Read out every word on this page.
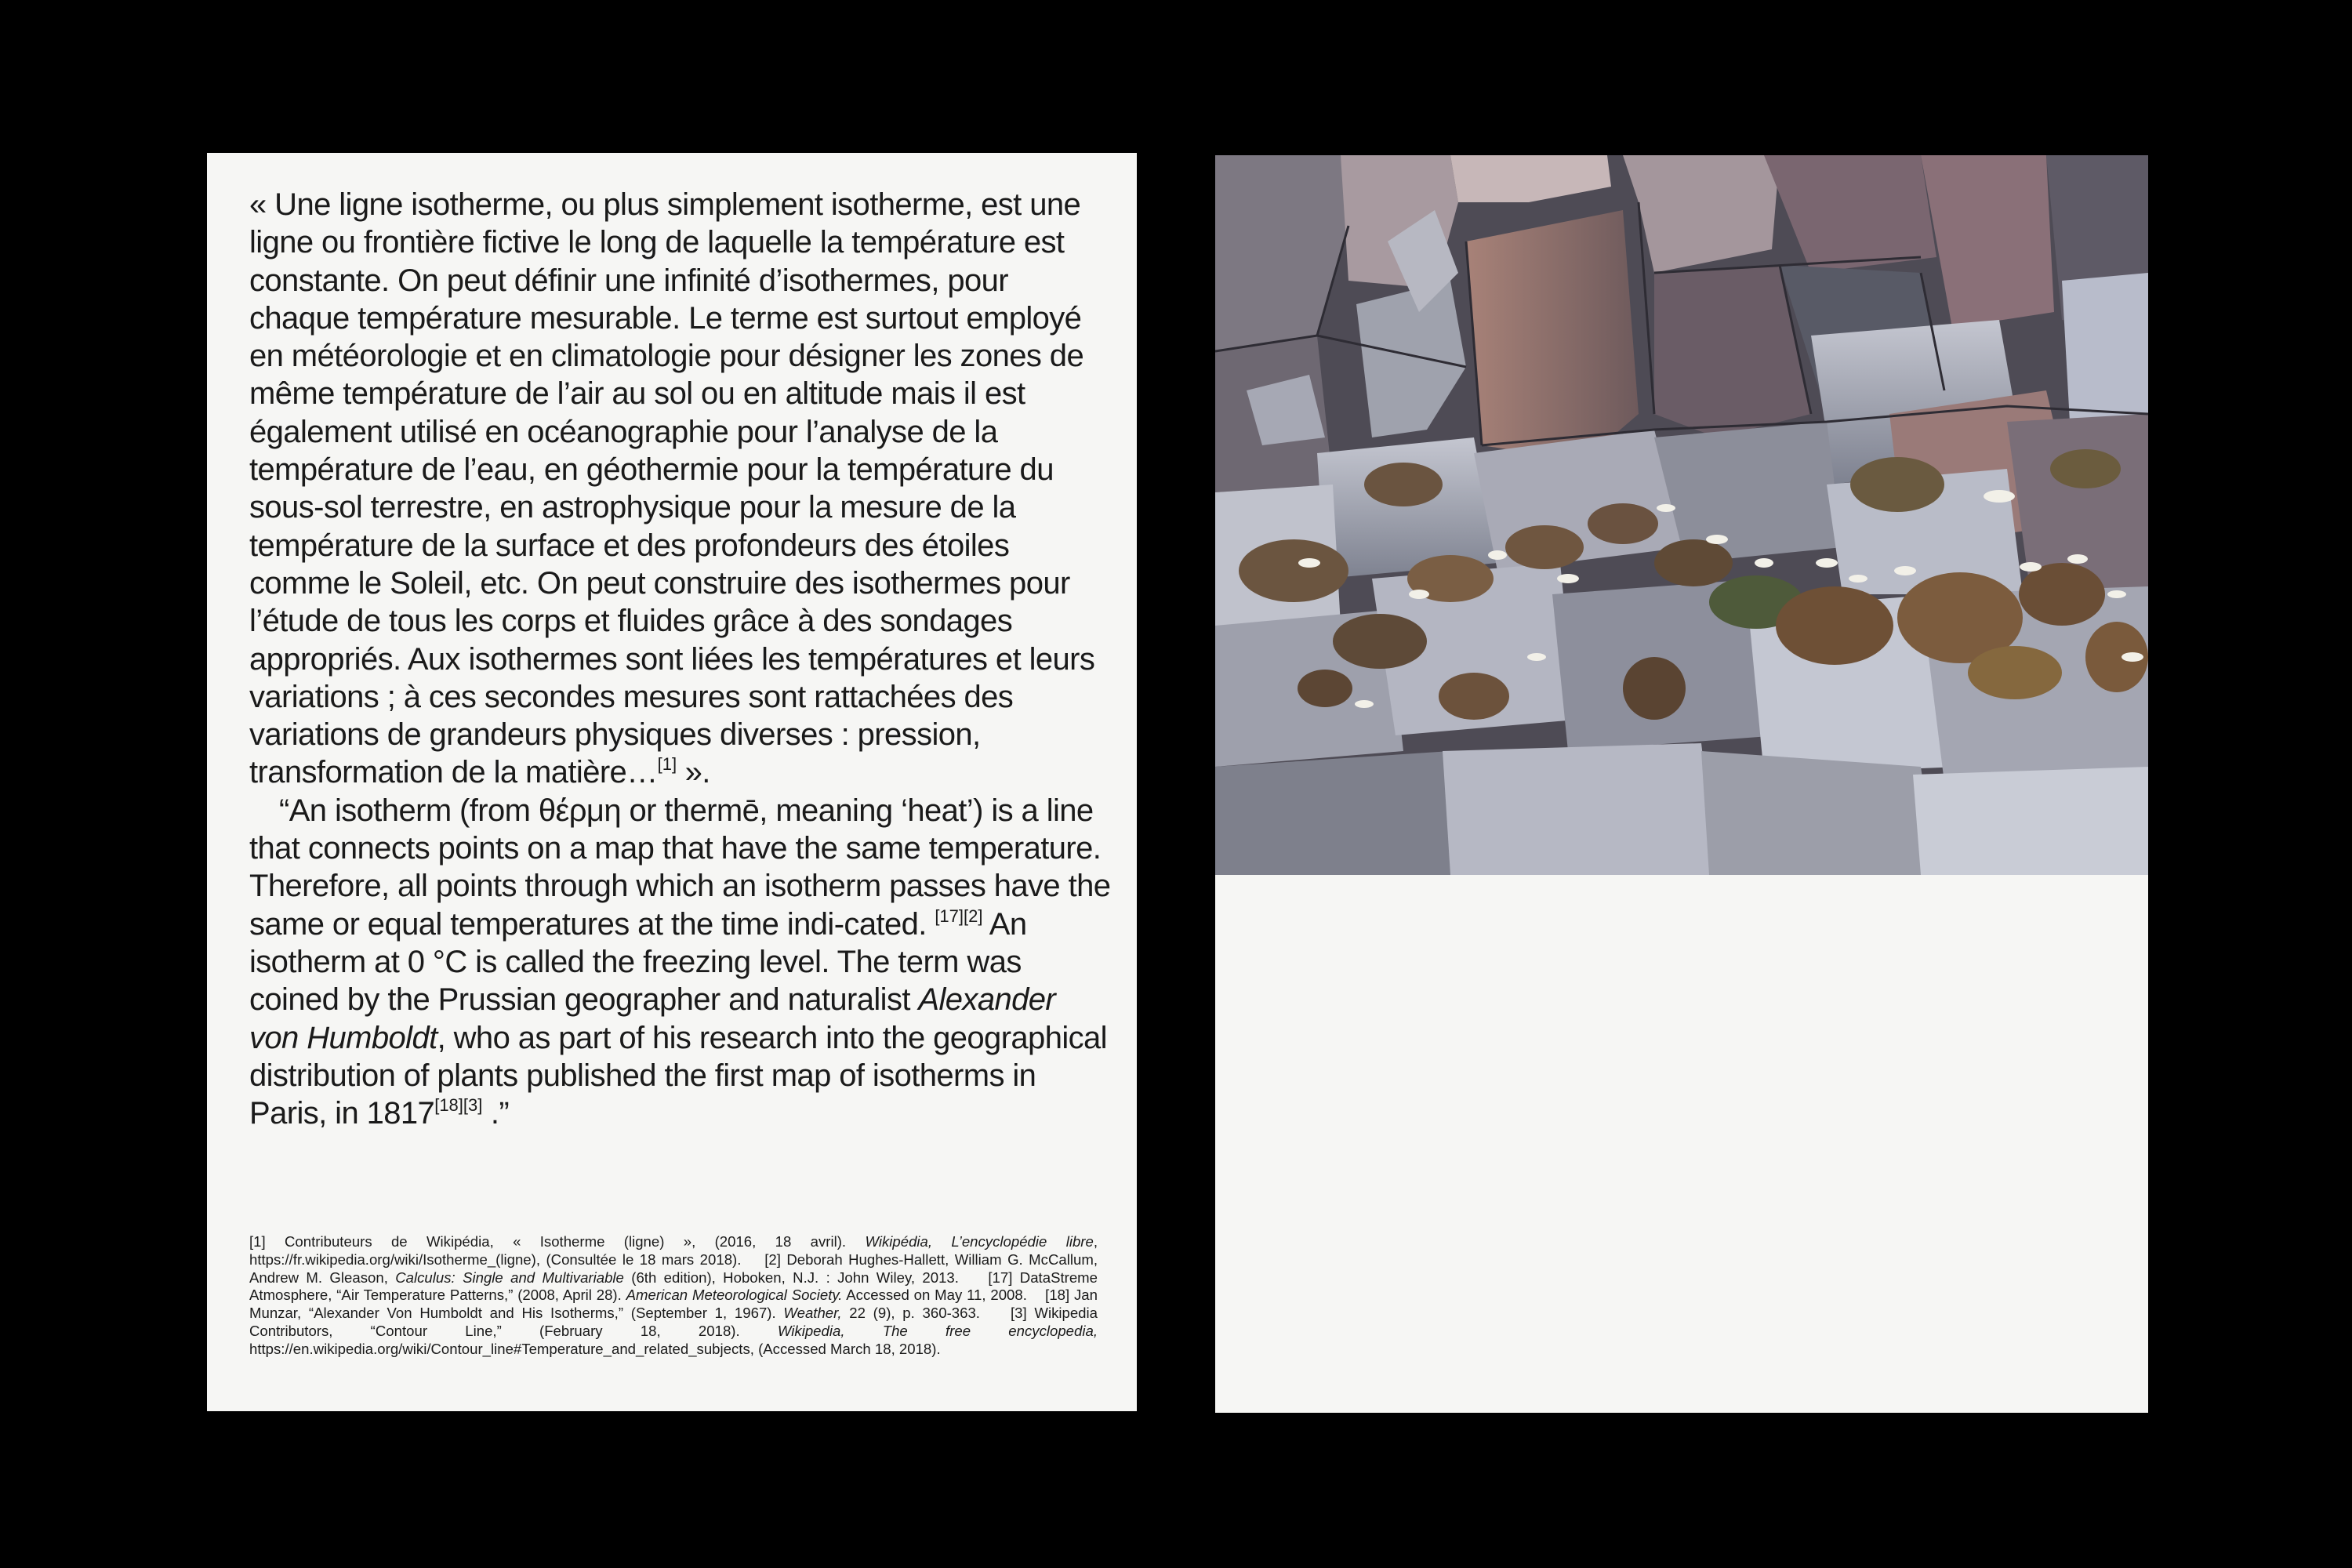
« Une ligne isotherme, ou plus simplement isotherme, est une ligne ou frontière fictive le long de laquelle la température est constante. On peut définir une infinité d’isothermes, pour chaque température mesurable. Le terme est surtout employé en météorologie et en climatologie pour désigner les zones de même température de l’air au sol ou en altitude mais il est également utilisé en océanographie pour l’analyse de la température de l’eau, en géothermie pour la température du sous-sol terrestre, en astrophysique pour la mesure de la température de la surface et des profondeurs des étoiles comme le Soleil, etc. On peut construire des isothermes pour l’étude de tous les corps et fluides grâce à des sondages appropriés. Aux isothermes sont liées les températures et leurs variations ; à ces secondes mesures sont rattachées des variations de grandeurs physiques diverses : pression, transformation de la matière…[1] ».

“An isotherm (from θέρμη or thermē, meaning ‘heat’) is a line that connects points on a map that have the same temperature. Therefore, all points through which an isotherm passes have the same or equal temperatures at the time indi-cated. [17][2] An isotherm at 0 °C is called the freezing level. The term was coined by the Prussian geographer and naturalist Alexander von Humboldt, who as part of his research into the geographical distribution of plants published the first map of isotherms in Paris, in 1817[18][3] .”

[1] Contributeurs de Wikipédia, « Isotherme (ligne) », (2016, 18 avril). Wikipédia, L’encyclopédie libre, https://fr.wikipedia.org/wiki/Isotherme_(ligne), (Consultée le 18 mars 2018). [2] Deborah Hughes-Hallett, William G. McCallum, Andrew M. Gleason, Calculus: Single and Multivariable (6th edition), Hoboken, N.J. : John Wiley, 2013. [17] DataStreme Atmosphere, “Air Temperature Patterns,” (2008, April 28). American Meteorological Society. Accessed on May 11, 2008. [18] Jan Munzar, “Alexander Von Humboldt and His Isotherms,” (September 1, 1967). Weather, 22 (9), p. 360-363. [3] Wikipedia Contributors, “Contour Line,” (February 18, 2018). Wikipedia, The free encyclopedia, https://en.wikipedia.org/wiki/Contour_line#Temperature_and_related_subjects, (Accessed March 18, 2018).
